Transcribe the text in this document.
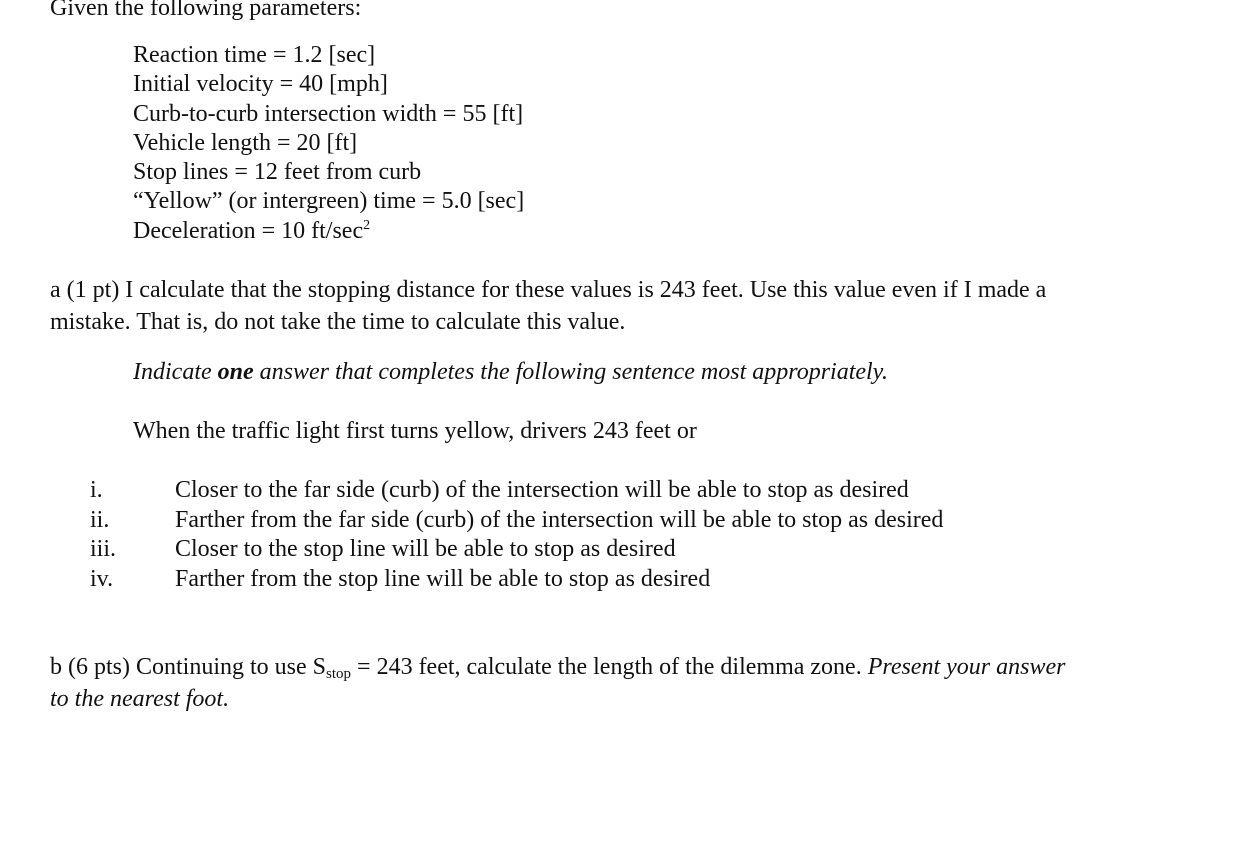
Given the following parameters:
Reaction time = 1.2 [sec]
Initial velocity = 40 [mph]
Curb-to-curb intersection width = 55 [ft]
Vehicle length = 20 [ft]
Stop lines = 12 feet from curb
“Yellow” (or intergreen) time = 5.0 [sec]
Deceleration = 10 $ft/\sec^2$
a (1 pt) I calculate that the stopping distance for these values is 243 feet. Use this value even if I made a
mistake. That is, do not take the time to calculate this value.
Indicate one answer that completes the following sentence most appropriately.
When the traffic light first turns yellow, drivers 243 feet or
i.	Closer to the far side (curb) of the intersection will be able to stop as desired
ii.	Farther from the far side (curb) of the intersection will be able to stop as desired
iii. Closer to the stop line will be able to stop as desired
iv.	Farther from the stop line will be able to stop as desired
b (6 pts) Continuing to use $S_{stop} = 243$ feet, calculate the length of the dilemma zone. Present your answer
to the nearest foot.
